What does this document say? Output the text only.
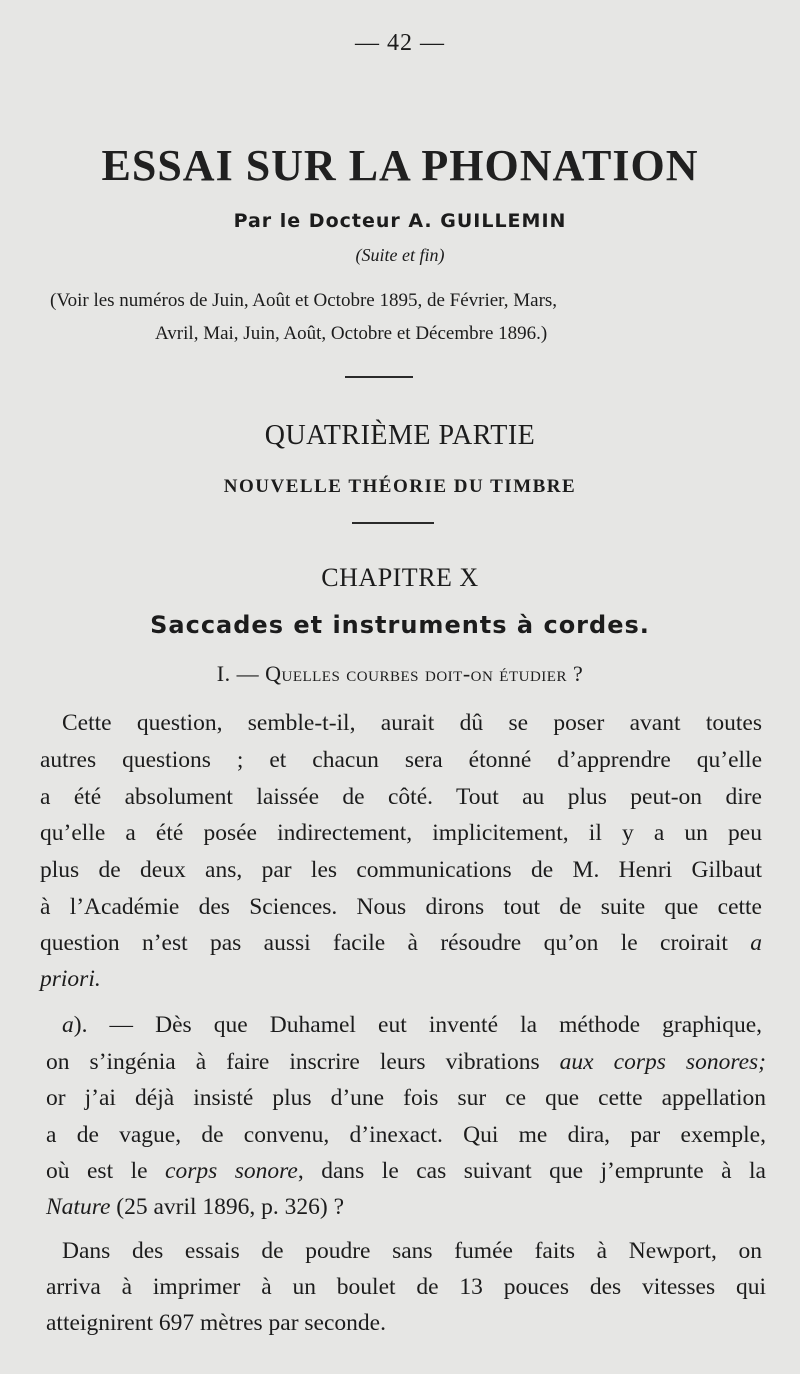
— 42 —
ESSAI SUR LA PHONATION
Par le Docteur A. GUILLEMIN
(Suite et fin)
(Voir les numéros de Juin, Août et Octobre 1895, de Février, Mars,
Avril, Mai, Juin, Août, Octobre et Décembre 1896.)
QUATRIÈME PARTIE
NOUVELLE THÉORIE DU TIMBRE
CHAPITRE X
Saccades et instruments à cordes.
I. — Quelles courbes doit-on étudier ?
Cette question, semble-t-il, aurait dû se poser avant toutes
autres questions ; et chacun sera étonné d’apprendre qu’elle
a été absolument laissée de côté. Tout au plus peut-on dire
qu’elle a été posée indirectement, implicitement, il y a un peu
plus de deux ans, par les communications de M. Henri Gilbaut
à l’Académie des Sciences. Nous dirons tout de suite que cette
question n’est pas aussi facile à résoudre qu’on le croirait a
priori.
a). — Dès que Duhamel eut inventé la méthode graphique,
on s’ingénia à faire inscrire leurs vibrations aux corps sonores;
or j’ai déjà insisté plus d’une fois sur ce que cette appellation
a de vague, de convenu, d’inexact. Qui me dira, par exemple,
où est le corps sonore, dans le cas suivant que j’emprunte à la
Nature (25 avril 1896, p. 326) ?
Dans des essais de poudre sans fumée faits à Newport, on
arriva à imprimer à un boulet de 13 pouces des vitesses qui
atteignirent 697 mètres par seconde.
